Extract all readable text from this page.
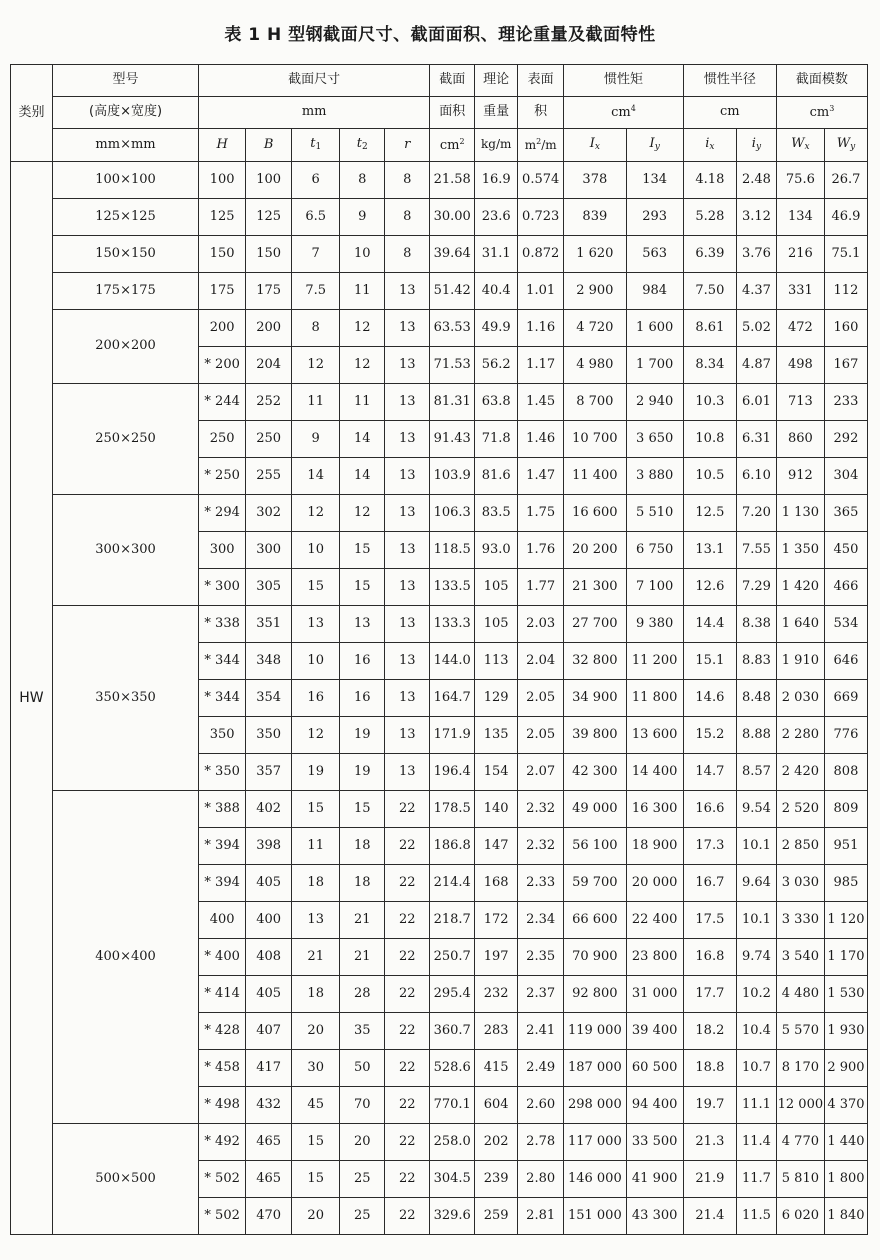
表 1 H 型钢截面尺寸、截面面积、理论重量及截面特性
类别	型号	截面尺寸					截面	理论	表面	惯性矩		惯性半径		截面模数	
	(高度×宽度)	mm					面积	重量	积	$cm^4$		cm		$cm^3$
	mm×mm	H	B	$t_1$	$t_2$	r	$cm^2$	kg/m	$m^2/m$	$I_x$	$I_y$	$i_x$	$i_y$	$W_x$	$W_y$
HW	100×100	100	100	6	8	8	21.58	16.9	0.574	378	134	4.18	2.48	75.6	26.7
	125×125	125	125	6.5	9	8	30.00	23.6	0.723	839	293	5.28	3.12	134	46.9
	150×150	150	150	7	10	8	39.64	31.1	0.872	1 620	563	6.39	3.76	216	75.1
	175×175	175	175	7.5	11	13	51.42	40.4	1.01	2 900	984	7.50	4.37	331	112
	200×200	200	200	8	12	13	63.53	49.9	1.16	4 720	1 600	8.61	5.02	472	160
		* 200	204	12	12	13	71.53	56.2	1.17	4 980	1 700	8.34	4.87	498	167
	250×250	* 244	252	11	11	13	81.31	63.8	1.45	8 700	2 940	10.3	6.01	713	233
		250	250	9	14	13	91.43	71.8	1.46	10 700	3 650	10.8	6.31	860	292
		* 250	255	14	14	13	103.9	81.6	1.47	11 400	3 880	10.5	6.10	912	304
	300×300	* 294	302	12	12	13	106.3	83.5	1.75	16 600	5 510	12.5	7.20	1 130	365
		300	300	10	15	13	118.5	93.0	1.76	20 200	6 750	13.1	7.55	1 350	450
		* 300	305	15	15	13	133.5	105	1.77	21 300	7 100	12.6	7.29	1 420	466
	350×350	* 338	351	13	13	13	133.3	105	2.03	27 700	9 380	14.4	8.38	1 640	534
		* 344	348	10	16	13	144.0	113	2.04	32 800	11 200	15.1	8.83	1 910	646
		* 344	354	16	16	13	164.7	129	2.05	34 900	11 800	14.6	8.48	2 030	669
		350	350	12	19	13	171.9	135	2.05	39 800	13 600	15.2	8.88	2 280	776
		* 350	357	19	19	13	196.4	154	2.07	42 300	14 400	14.7	8.57	2 420	808
	400×400	* 388	402	15	15	22	178.5	140	2.32	49 000	16 300	16.6	9.54	2 520	809
		* 394	398	11	18	22	186.8	147	2.32	56 100	18 900	17.3	10.1	2 850	951
		* 394	405	18	18	22	214.4	168	2.33	59 700	20 000	16.7	9.64	3 030	985
		400	400	13	21	22	218.7	172	2.34	66 600	22 400	17.5	10.1	3 330	1 120
		* 400	408	21	21	22	250.7	197	2.35	70 900	23 800	16.8	9.74	3 540	1 170
		* 414	405	18	28	22	295.4	232	2.37	92 800	31 000	17.7	10.2	4 480	1 530
		* 428	407	20	35	22	360.7	283	2.41	119 000	39 400	18.2	10.4	5 570	1 930
		* 458	417	30	50	22	528.6	415	2.49	187 000	60 500	18.8	10.7	8 170	2 900
		* 498	432	45	70	22	770.1	604	2.60	298 000	94 400	19.7	11.1	12 000	4 370
	500×500	* 492	465	15	20	22	258.0	202	2.78	117 000	33 500	21.3	11.4	4 770	1 440
		* 502	465	15	25	22	304.5	239	2.80	146 000	41 900	21.9	11.7	5 810	1 800
		* 502	470	20	25	22	329.6	259	2.81	151 000	43 300	21.4	11.5	6 020	1 840
